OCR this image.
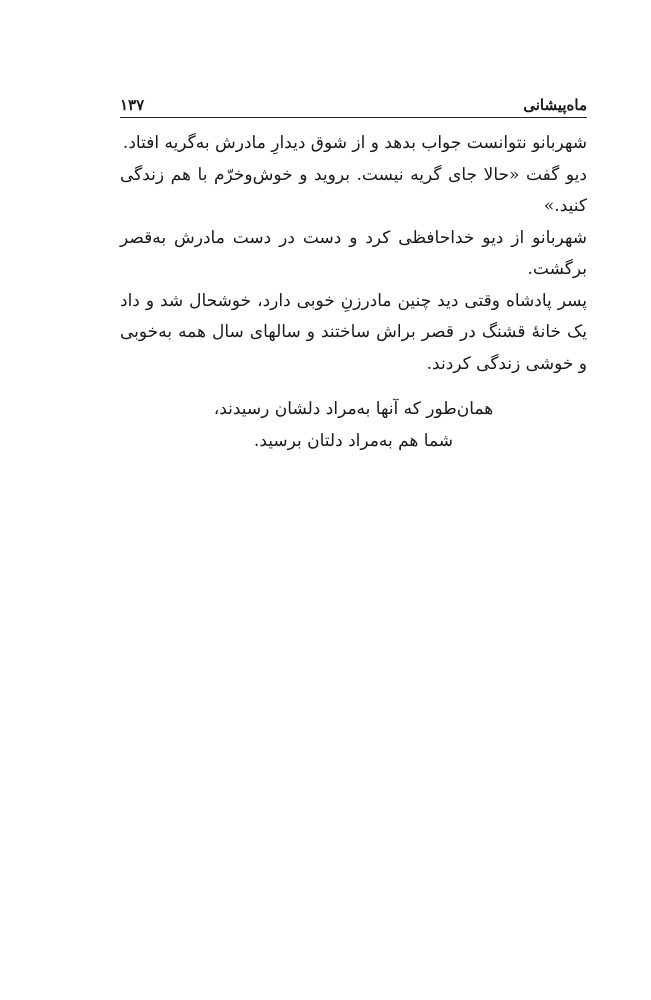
ماه‌پیشانی
۱۳۷

شهربانو نتوانست جواب بدهد و از شوق دیدارِ مادرش به‌گریه افتاد.

دیو گفت «حالا جای گریه نیست. بروید و خوش‌وخرّم با هم زندگی کنید.»

شهربانو از دیو خداحافظی کرد و دست در دست مادرش به‌قصر برگشت.

پسر پادشاه وقتی دید چنین مادرزنِ خوبی دارد، خوشحال شد و داد یک خانهٔ قشنگ در قصر براش ساختند و سالهای سال همه به‌خوبی و خوشی زندگی کردند.

همان‌طور که آنها به‌مراد دلشان رسیدند،
شما هم به‌مراد دلتان برسید.
